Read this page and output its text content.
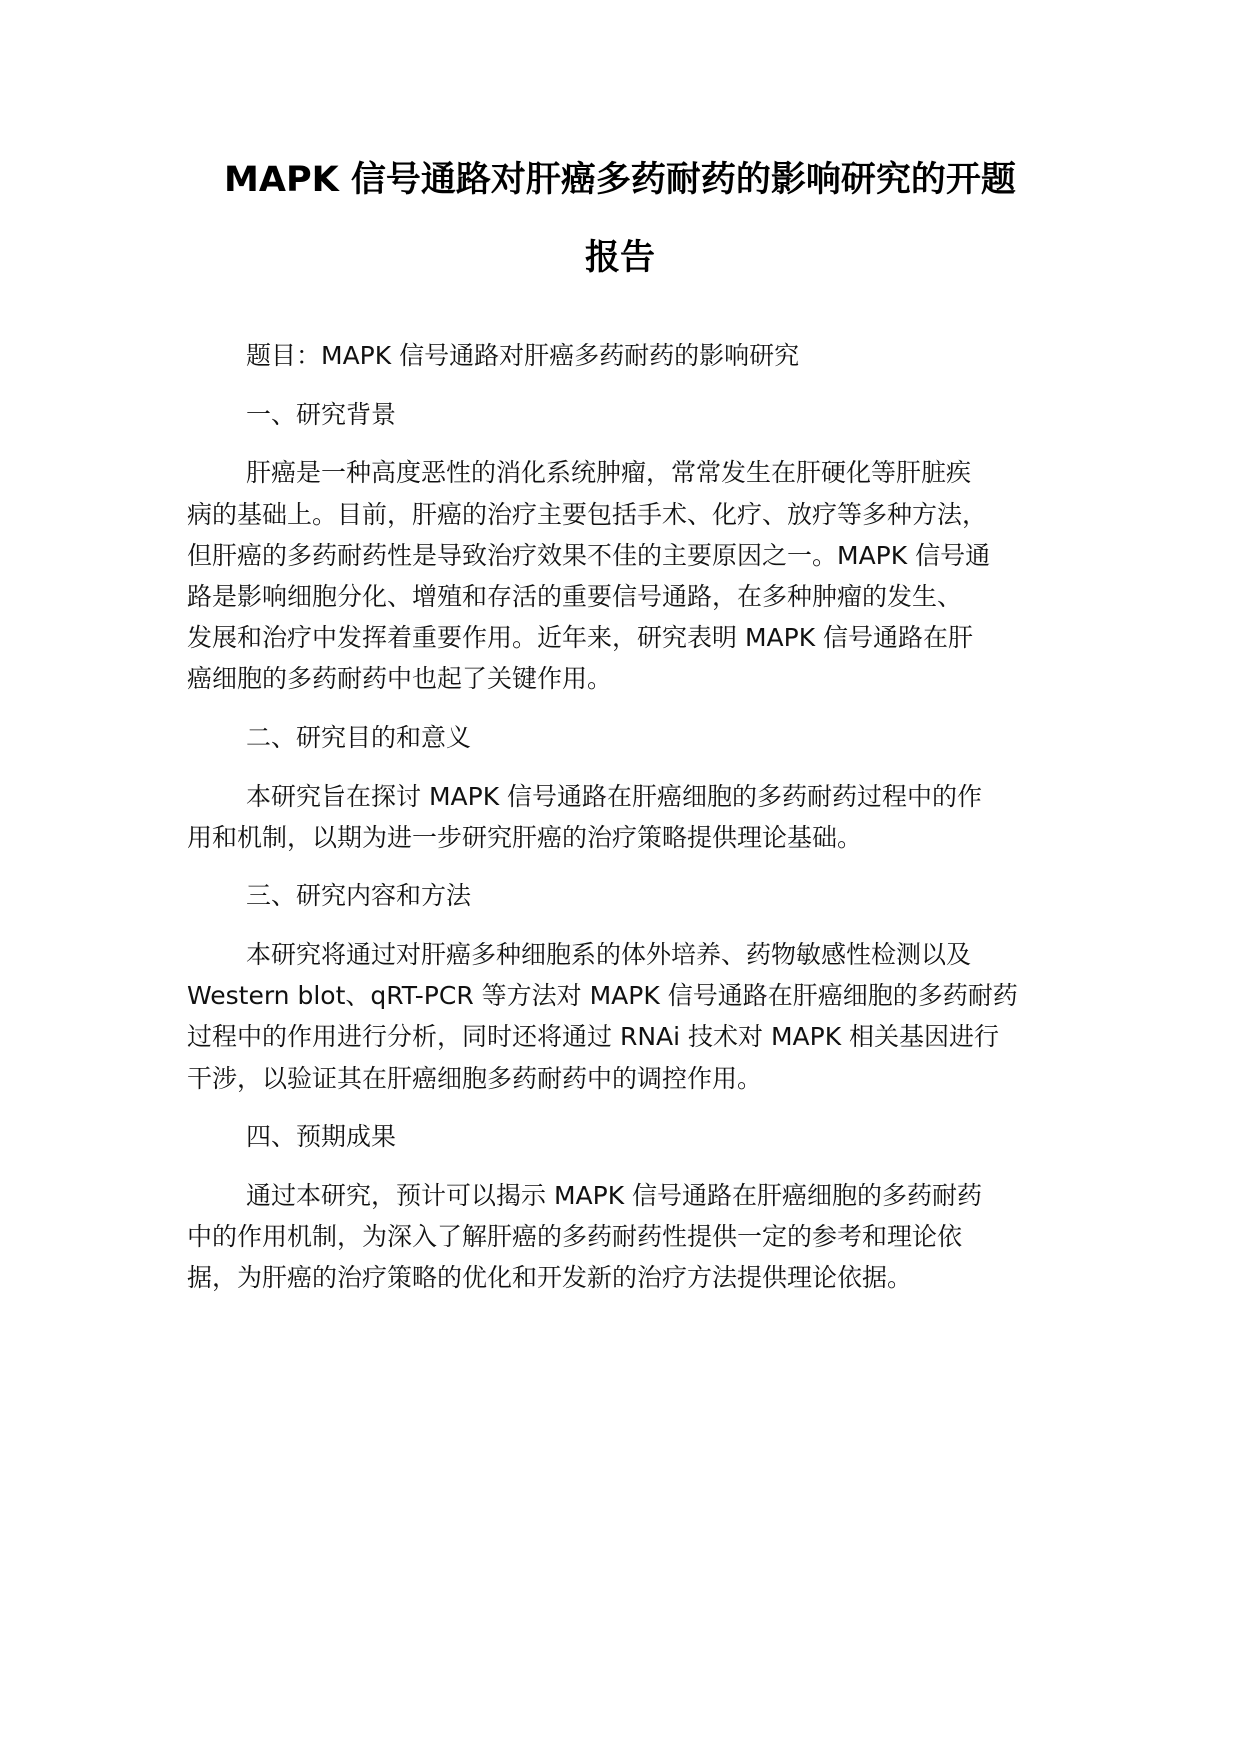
MAPK 信号通路对肝癌多药耐药的影响研究的开题
报告
题目：MAPK 信号通路对肝癌多药耐药的影响研究
一、研究背景
肝癌是一种高度恶性的消化系统肿瘤，常常发生在肝硬化等肝脏疾
病的基础上。目前，肝癌的治疗主要包括手术、化疗、放疗等多种方法，
但肝癌的多药耐药性是导致治疗效果不佳的主要原因之一。MAPK 信号通
路是影响细胞分化、增殖和存活的重要信号通路，在多种肿瘤的发生、
发展和治疗中发挥着重要作用。近年来，研究表明 MAPK 信号通路在肝
癌细胞的多药耐药中也起了关键作用。
二、研究目的和意义
本研究旨在探讨 MAPK 信号通路在肝癌细胞的多药耐药过程中的作
用和机制，以期为进一步研究肝癌的治疗策略提供理论基础。
三、研究内容和方法
本研究将通过对肝癌多种细胞系的体外培养、药物敏感性检测以及
Western blot、qRT-PCR 等方法对 MAPK 信号通路在肝癌细胞的多药耐药
过程中的作用进行分析，同时还将通过 RNAi 技术对 MAPK 相关基因进行
干涉，以验证其在肝癌细胞多药耐药中的调控作用。
四、预期成果
通过本研究，预计可以揭示 MAPK 信号通路在肝癌细胞的多药耐药
中的作用机制，为深入了解肝癌的多药耐药性提供一定的参考和理论依
据，为肝癌的治疗策略的优化和开发新的治疗方法提供理论依据。
